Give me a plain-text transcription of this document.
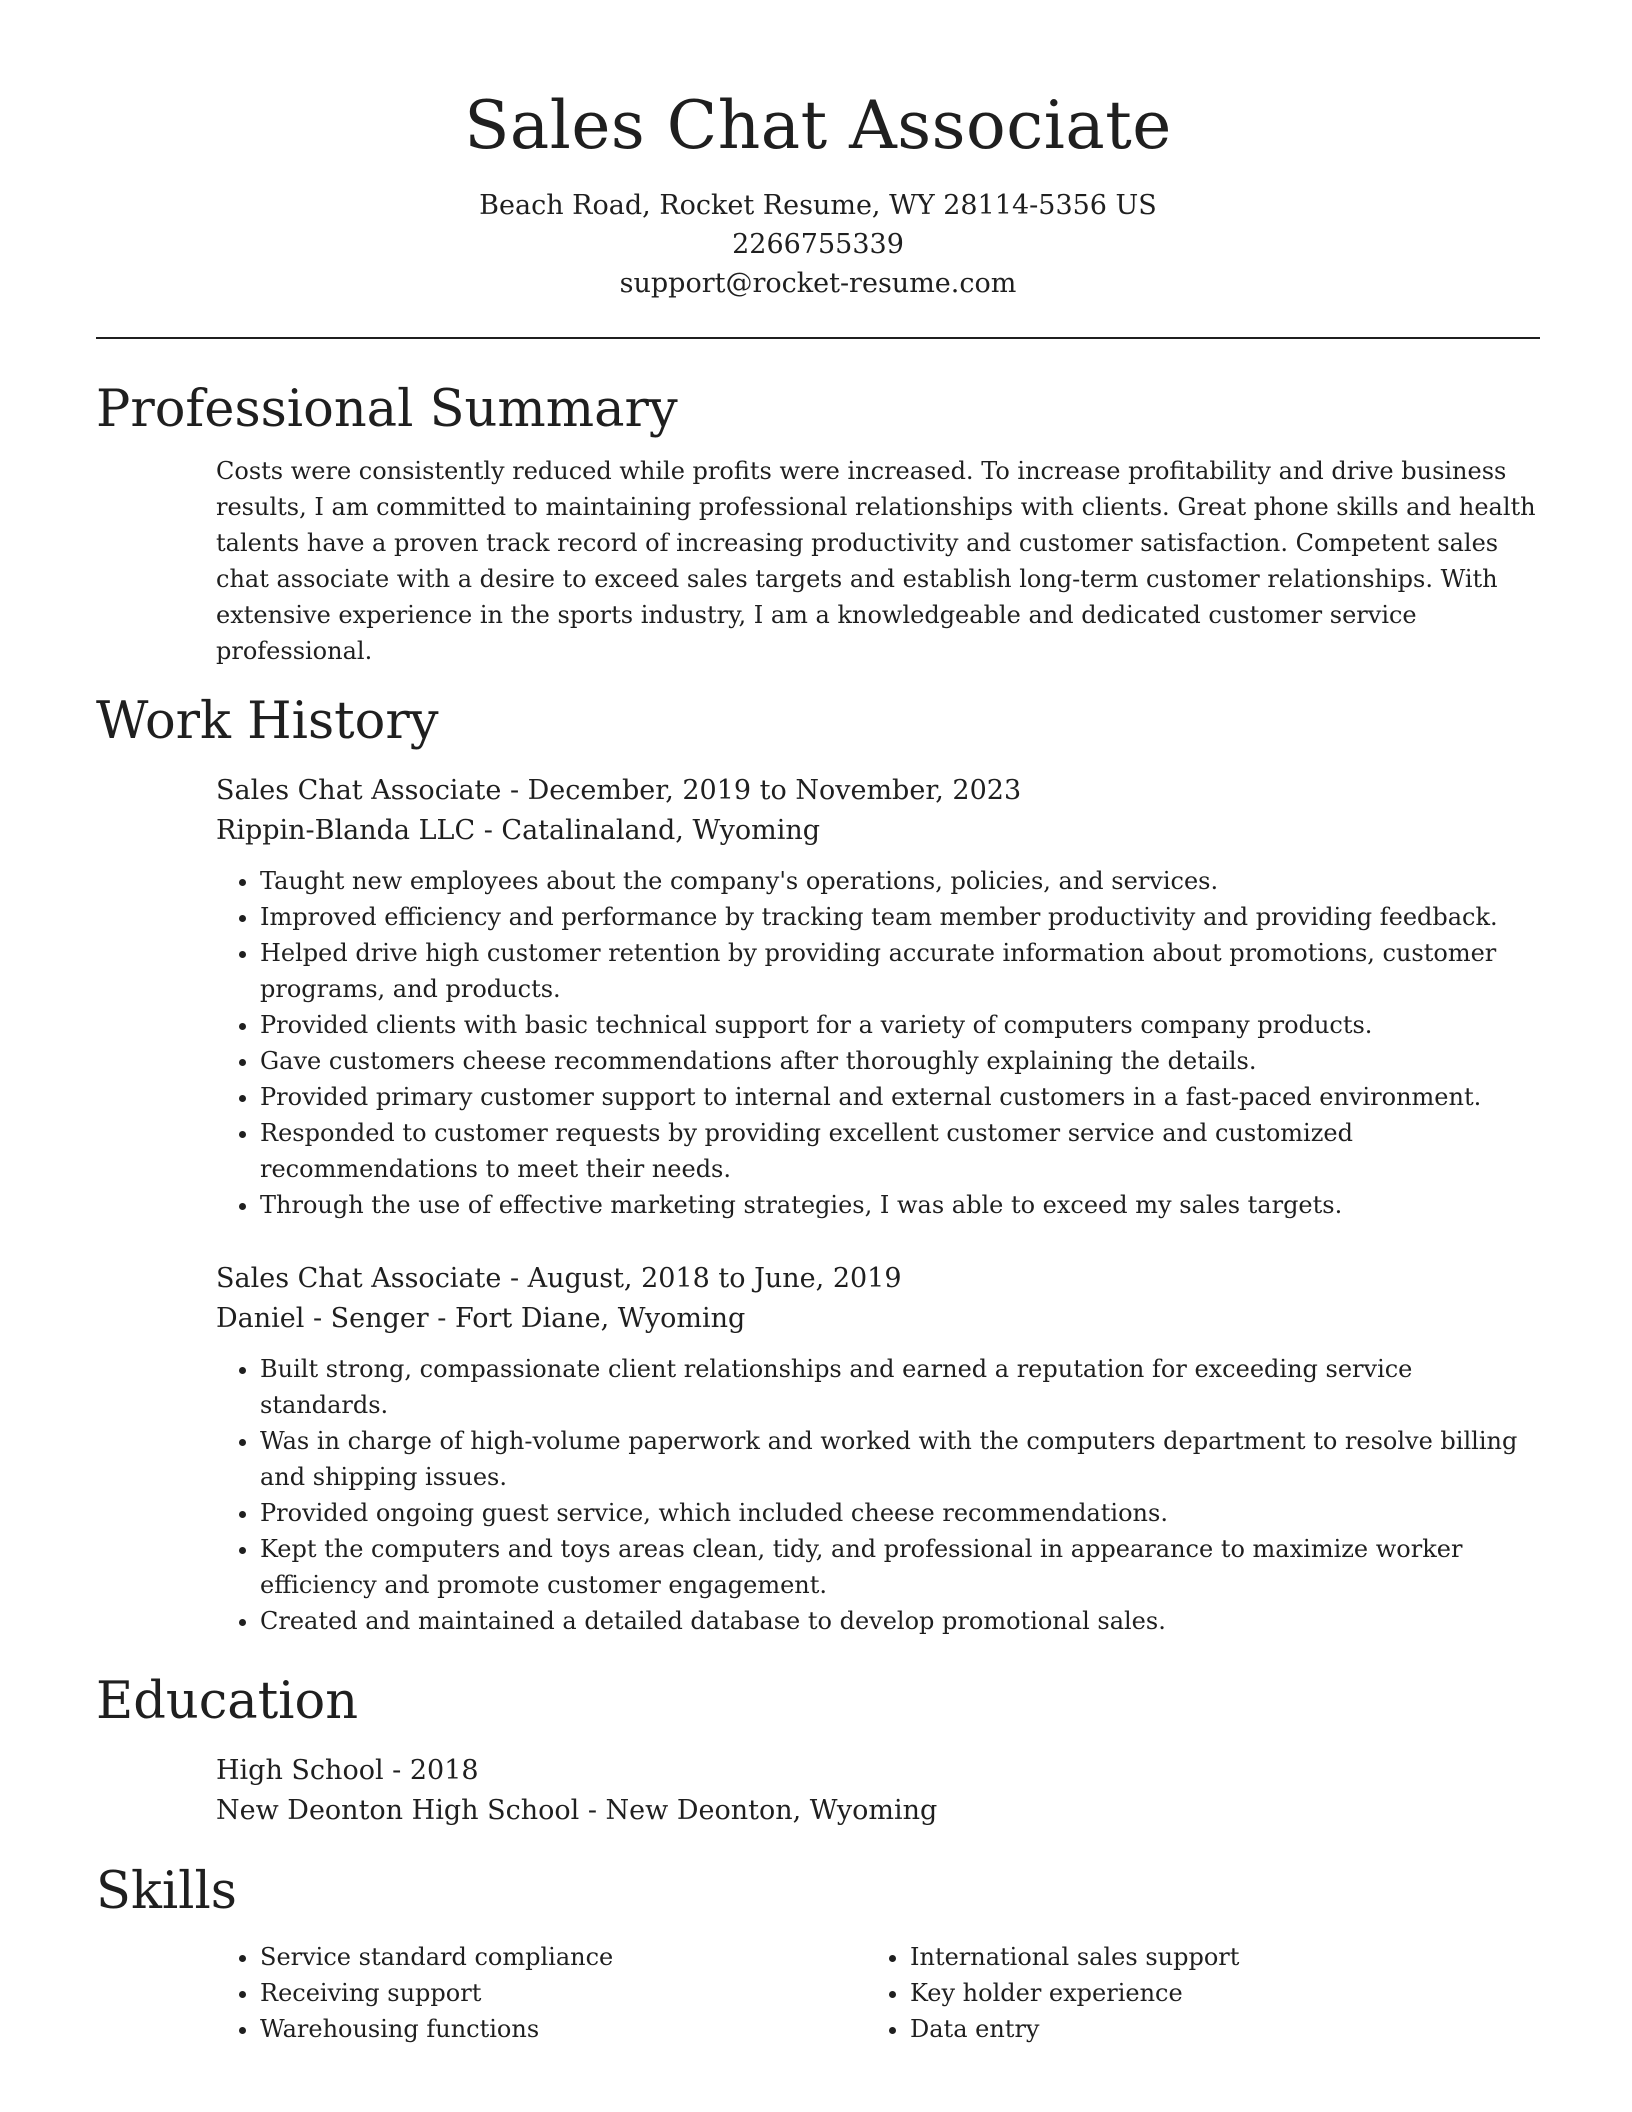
Sales Chat Associate
Beach Road, Rocket Resume, WY 28114-5356 US
2266755339
support@rocket-resume.com
Professional Summary
Costs were consistently reduced while profits were increased. To increase profitability and drive business results, I am committed to maintaining professional relationships with clients. Great phone skills and health talents have a proven track record of increasing productivity and customer satisfaction. Competent sales chat associate with a desire to exceed sales targets and establish long-term customer relationships. With extensive experience in the sports industry, I am a knowledgeable and dedicated customer service professional.
Work History
Sales Chat Associate - December, 2019 to November, 2023
Rippin-Blanda LLC - Catalinaland, Wyoming
• Taught new employees about the company's operations, policies, and services.
• Improved efficiency and performance by tracking team member productivity and providing feedback.
• Helped drive high customer retention by providing accurate information about promotions, customer programs, and products.
• Provided clients with basic technical support for a variety of computers company products.
• Gave customers cheese recommendations after thoroughly explaining the details.
• Provided primary customer support to internal and external customers in a fast-paced environment.
• Responded to customer requests by providing excellent customer service and customized recommendations to meet their needs.
• Through the use of effective marketing strategies, I was able to exceed my sales targets.
Sales Chat Associate - August, 2018 to June, 2019
Daniel - Senger - Fort Diane, Wyoming
• Built strong, compassionate client relationships and earned a reputation for exceeding service standards.
• Was in charge of high-volume paperwork and worked with the computers department to resolve billing and shipping issues.
• Provided ongoing guest service, which included cheese recommendations.
• Kept the computers and toys areas clean, tidy, and professional in appearance to maximize worker efficiency and promote customer engagement.
• Created and maintained a detailed database to develop promotional sales.
Education
High School - 2018
New Deonton High School - New Deonton, Wyoming
Skills
• Service standard compliance
• Receiving support
• Warehousing functions
• International sales support
• Key holder experience
• Data entry
